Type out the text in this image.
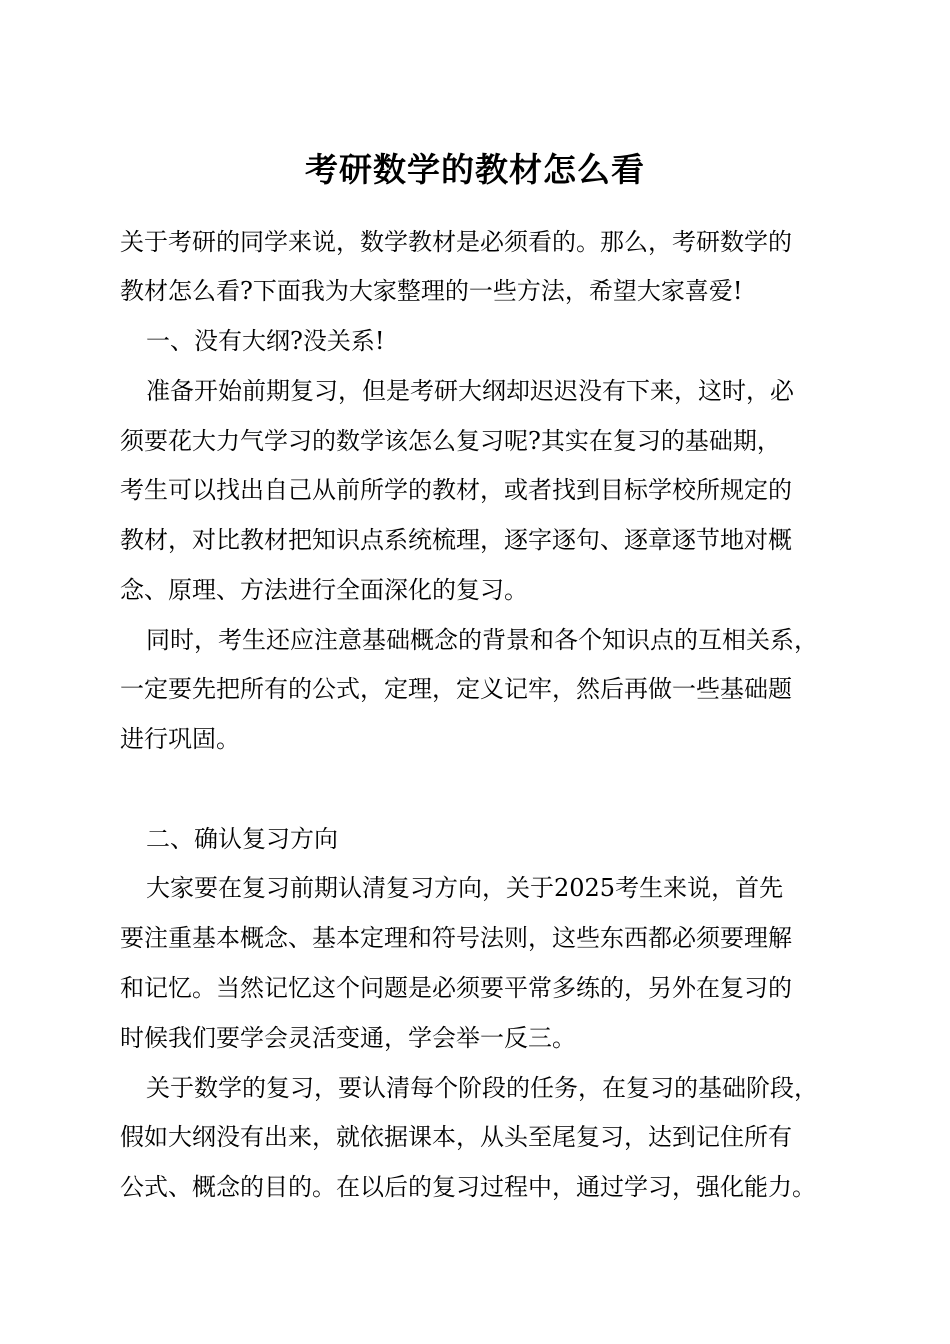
考研数学的教材怎么看

关于考研的同学来说，数学教材是必须看的。那么，考研数学的

教材怎么看?下面我为大家整理的一些方法，希望大家喜爱!

一、没有大纲?没关系!

准备开始前期复习，但是考研大纲却迟迟没有下来，这时，必

须要花大力气学习的数学该怎么复习呢?其实在复习的基础期，

考生可以找出自己从前所学的教材，或者找到目标学校所规定的

教材，对比教材把知识点系统梳理，逐字逐句、逐章逐节地对概

念、原理、方法进行全面深化的复习。

同时，考生还应注意基础概念的背景和各个知识点的互相关系，

一定要先把所有的公式，定理，定义记牢，然后再做一些基础题

进行巩固。

二、确认复习方向

大家要在复习前期认清复习方向，关于2025考生来说，首先

要注重基本概念、基本定理和符号法则，这些东西都必须要理解

和记忆。当然记忆这个问题是必须要平常多练的，另外在复习的

时候我们要学会灵活变通，学会举一反三。

关于数学的复习，要认清每个阶段的任务，在复习的基础阶段，

假如大纲没有出来，就依据课本，从头至尾复习，达到记住所有

公式、概念的目的。在以后的复习过程中，通过学习，强化能力。
